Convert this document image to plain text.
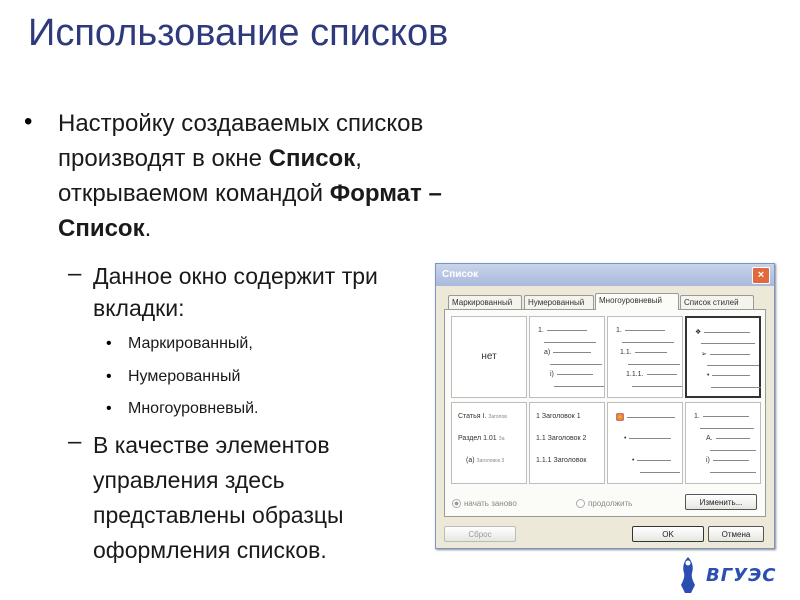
Использование списков
• Настройку создаваемых списков производят в окне Список, открываемом командой Формат – Список.
– Данное окно содержит три вкладки:
• Маркированный,
• Нумерованный
• Многоуровневый.
– В качестве элементов управления здесь представлены образцы оформления списков.
Список	×
Маркированный	Нумерованный	Многоуровневый	Список стилей
нет
1.
a)
i)
1.
1.1.
1.1.1.
❖
➢
•
Статья I. Заголов
Раздел 1.01 За
(а) Заголовок 3
1 Заголовок 1
1.1 Заголовок 2
1.1.1 Заголовок
•
•
1.
A.
i)
начать заново	продолжить	Изменить...
Сброс	OK	Отмена
ВГУЭС
